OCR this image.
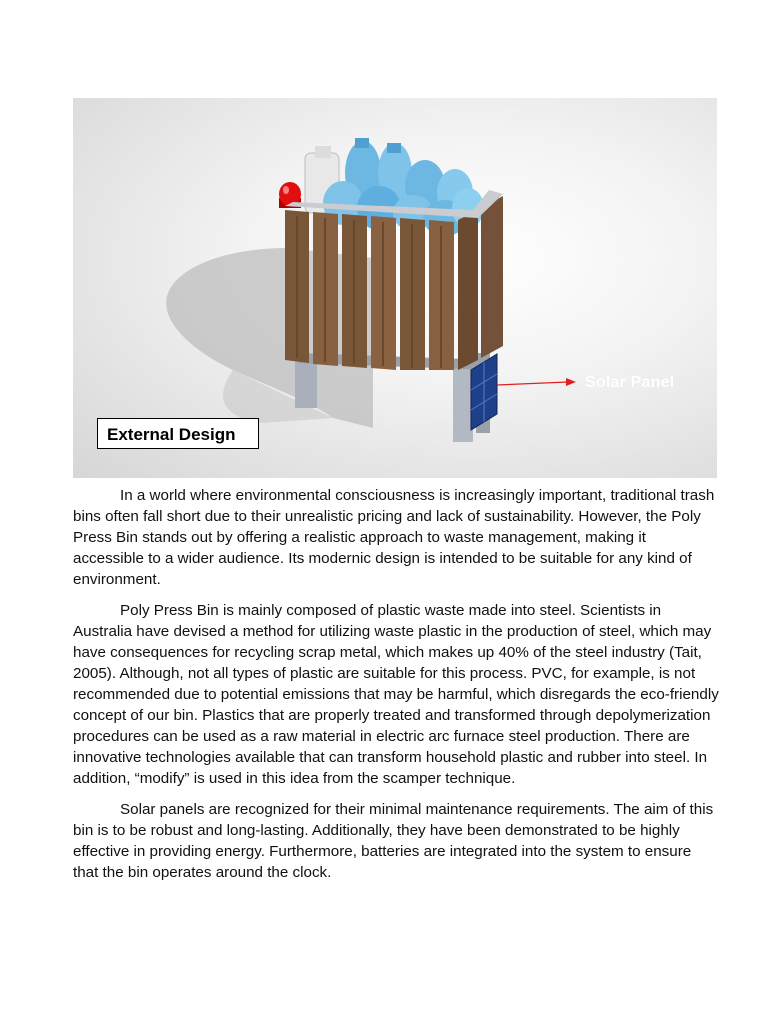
External Design
Solar Panel

In a world where environmental consciousness is increasingly important, traditional trash bins often fall short due to their unrealistic pricing and lack of sustainability. However, the Poly Press Bin stands out by offering a realistic approach to waste management, making it accessible to a wider audience. Its modernic design is intended to be suitable for any kind of environment.

Poly Press Bin is mainly composed of plastic waste made into steel. Scientists in Australia have devised a method for utilizing waste plastic in the production of steel, which may have consequences for recycling scrap metal, which makes up 40% of the steel industry (Tait, 2005). Although, not all types of plastic are suitable for this process. PVC, for example, is not recommended due to potential emissions that may be harmful, which disregards the eco-friendly concept of our bin. Plastics that are properly treated and transformed through depolymerization procedures can be used as a raw material in electric arc furnace steel production. There are innovative technologies available that can transform household plastic and rubber into steel. In addition, “modify” is used in this idea from the scamper technique.

Solar panels are recognized for their minimal maintenance requirements. The aim of this bin is to be robust and long-lasting. Additionally, they have been demonstrated to be highly effective in providing energy. Furthermore, batteries are integrated into the system to ensure that the bin operates around the clock.
